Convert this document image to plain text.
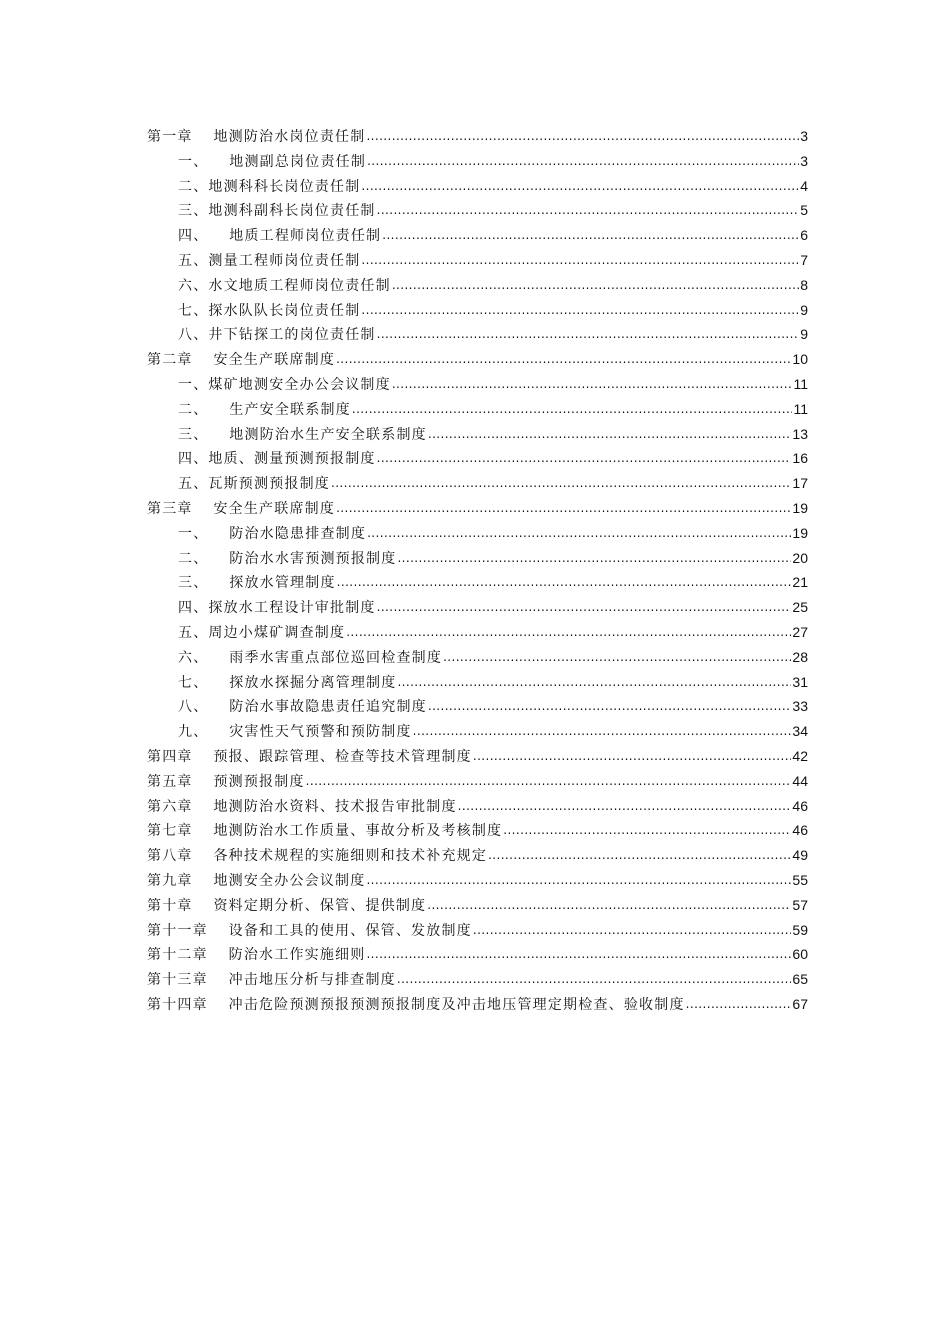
第一章　 地测防治水岗位责任制 .....	3
一、 　地测副总岗位责任制 .....	3
二、地测科科长岗位责任制 .....	4
三、地测科副科长岗位责任制 .....	5
四、 　地质工程师岗位责任制 .....	6
五、测量工程师岗位责任制 .....	7
六、水文地质工程师岗位责任制 .....	8
七、探水队队长岗位责任制 .....	9
八、井下钻探工的岗位责任制 .....	9
第二章　 安全生产联席制度 .....	10
一、煤矿地测安全办公会议制度 .....	11
二、 　生产安全联系制度 .....	11
三、 　地测防治水生产安全联系制度 .....	13
四、地质、测量预测预报制度 .....	16
五、瓦斯预测预报制度 .....	17
第三章　 安全生产联席制度 .....	19
一、 　防治水隐患排查制度 .....	19
二、 　防治水水害预测预报制度 .....	20
三、 　探放水管理制度 .....	21
四、探放水工程设计审批制度 .....	25
五、周边小煤矿调查制度 .....	27
六、 　雨季水害重点部位巡回检查制度 .....	28
七、 　探放水探掘分离管理制度 .....	31
八、 　防治水事故隐患责任追究制度 .....	33
九、 　灾害性天气预警和预防制度 .....	34
第四章　 预报、跟踪管理、检查等技术管理制度 .....	42
第五章　 预测预报制度 .....	44
第六章　 地测防治水资料、技术报告审批制度 .....	46
第七章　 地测防治水工作质量、事故分析及考核制度 .....	46
第八章　 各种技术规程的实施细则和技术补充规定 .....	49
第九章　 地测安全办公会议制度 .....	55
第十章　 资料定期分析、保管、提供制度 .....	57
第十一章　 设备和工具的使用、保管、发放制度 .....	59
第十二章　 防治水工作实施细则 .....	60
第十三章　 冲击地压分析与排查制度 .....	65
第十四章　 冲击危险预测预报预测预报制度及冲击地压管理定期检查、验收制度 .....	67
